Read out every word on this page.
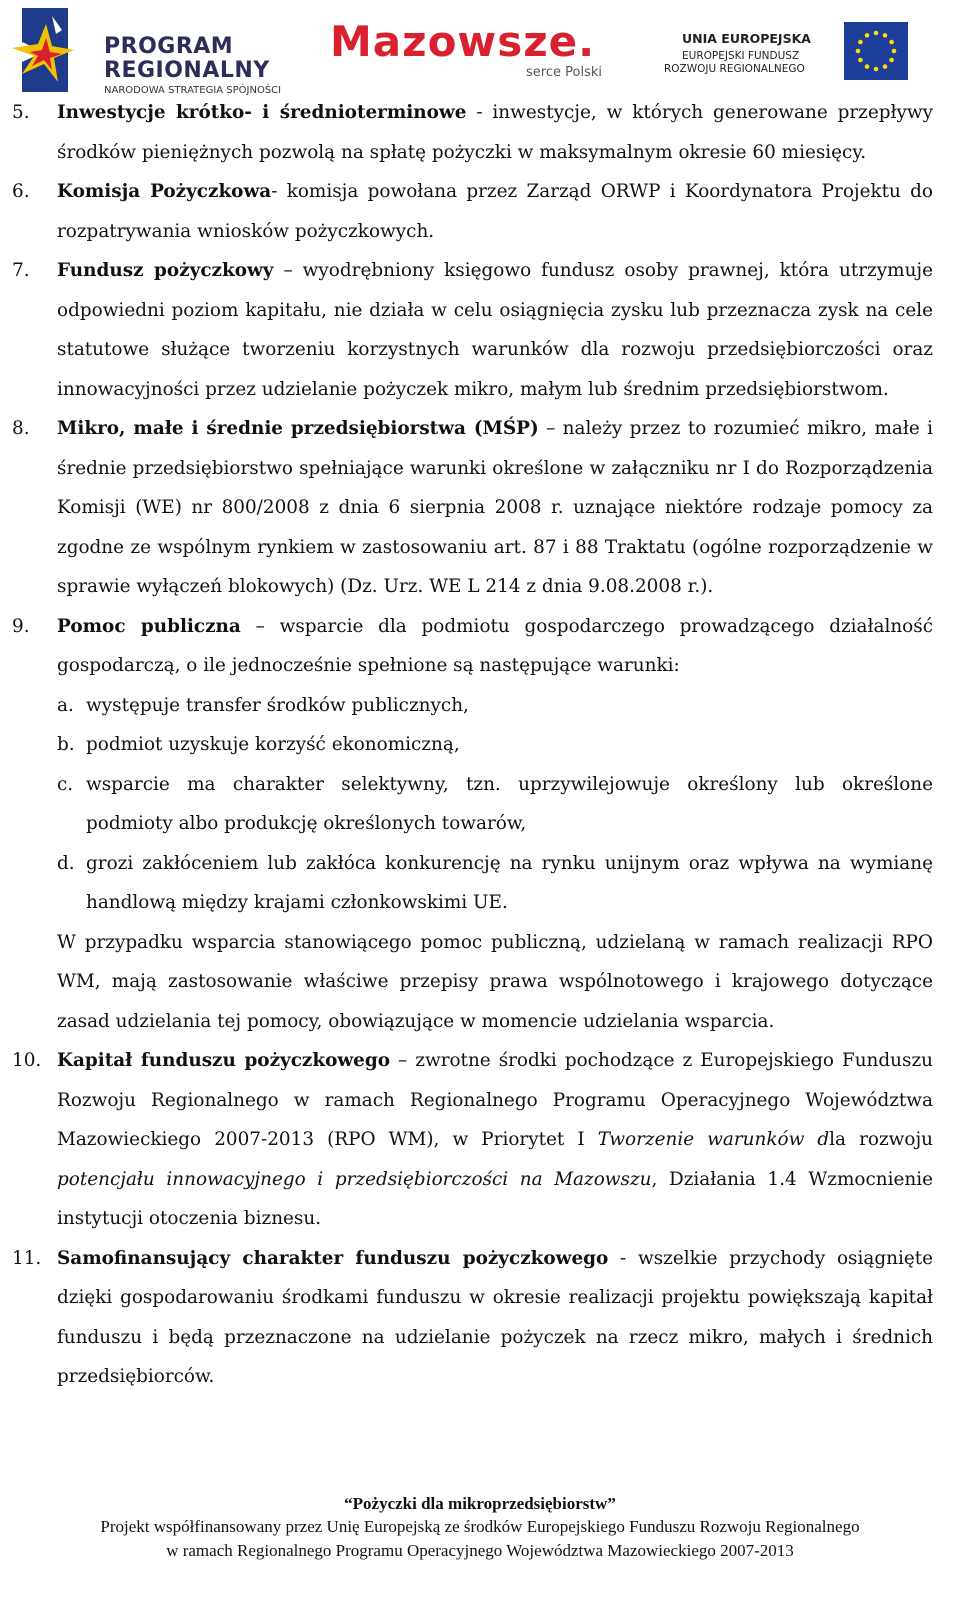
PROGRAM
REGIONALNY
NARODOWA STRATEGIA SPÓJNOŚCI
Mazowsze.
serce Polski
UNIA EUROPEJSKA
EUROPEJSKI FUNDUSZ
ROZWOJU REGIONALNEGO
5. Inwestycje krótko- i średnioterminowe - inwestycje, w których generowane przepływy środków pieniężnych pozwolą na spłatę pożyczki w maksymalnym okresie 60 miesięcy.
6. Komisja Pożyczkowa- komisja powołana przez Zarząd ORWP i Koordynatora Projektu do rozpatrywania wniosków pożyczkowych.
7. Fundusz pożyczkowy – wyodrębniony księgowo fundusz osoby prawnej, która utrzymuje odpowiedni poziom kapitału, nie działa w celu osiągnięcia zysku lub przeznacza zysk na cele statutowe służące tworzeniu korzystnych warunków dla rozwoju przedsiębiorczości oraz innowacyjności przez udzielanie pożyczek mikro, małym lub średnim przedsiębiorstwom.
8. Mikro, małe i średnie przedsiębiorstwa (MŚP) – należy przez to rozumieć mikro, małe i średnie przedsiębiorstwo spełniające warunki określone w załączniku nr I do Rozporządzenia Komisji (WE) nr 800/2008 z dnia 6 sierpnia 2008 r. uznające niektóre rodzaje pomocy za zgodne ze wspólnym rynkiem w zastosowaniu art. 87 i 88 Traktatu (ogólne rozporządzenie w sprawie wyłączeń blokowych) (Dz. Urz. WE L 214 z dnia 9.08.2008 r.).
9. Pomoc publiczna – wsparcie dla podmiotu gospodarczego prowadzącego działalność gospodarczą, o ile jednocześnie spełnione są następujące warunki:
a. występuje transfer środków publicznych,
b. podmiot uzyskuje korzyść ekonomiczną,
c. wsparcie ma charakter selektywny, tzn. uprzywilejowuje określony lub określone podmioty albo produkcję określonych towarów,
d. grozi zakłóceniem lub zakłóca konkurencję na rynku unijnym oraz wpływa na wymianę handlową między krajami członkowskimi UE.
W przypadku wsparcia stanowiącego pomoc publiczną, udzielaną w ramach realizacji RPO WM, mają zastosowanie właściwe przepisy prawa wspólnotowego i krajowego dotyczące zasad udzielania tej pomocy, obowiązujące w momencie udzielania wsparcia.
10. Kapitał funduszu pożyczkowego – zwrotne środki pochodzące z Europejskiego Funduszu Rozwoju Regionalnego w ramach Regionalnego Programu Operacyjnego Województwa Mazowieckiego 2007-2013 (RPO WM), w Priorytet I Tworzenie warunków dla rozwoju potencjału innowacyjnego i przedsiębiorczości na Mazowszu, Działania 1.4 Wzmocnienie instytucji otoczenia biznesu.
11. Samofinansujący charakter funduszu pożyczkowego - wszelkie przychody osiągnięte dzięki gospodarowaniu środkami funduszu w okresie realizacji projektu powiększają kapitał funduszu i będą przeznaczone na udzielanie pożyczek na rzecz mikro, małych i średnich przedsiębiorców.
“Pożyczki dla mikroprzedsiębiorstw”
Projekt współfinansowany przez Unię Europejską ze środków Europejskiego Funduszu Rozwoju Regionalnego
w ramach Regionalnego Programu Operacyjnego Województwa Mazowieckiego 2007-2013
